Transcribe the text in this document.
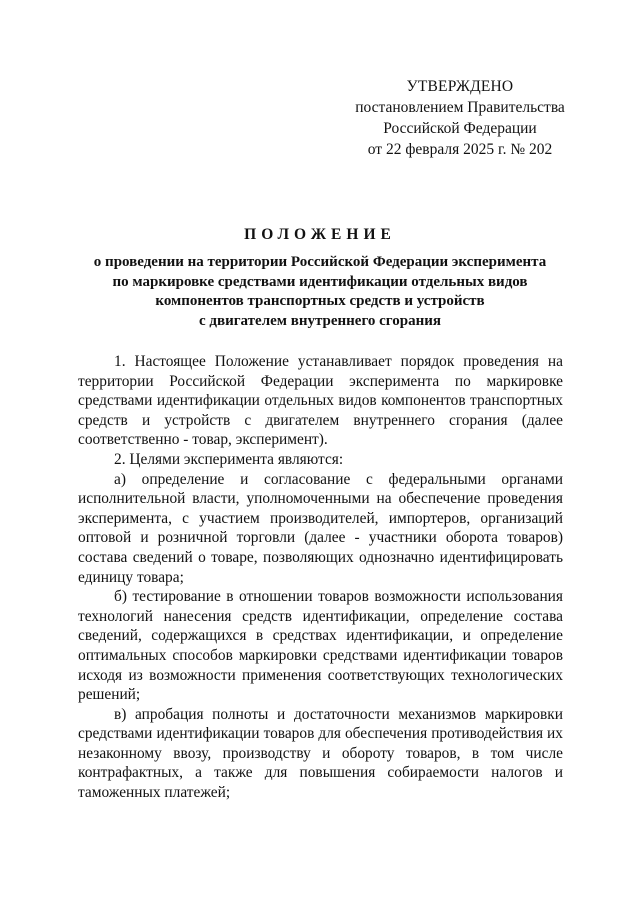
УТВЕРЖДЕНО
постановлением Правительства
Российской Федерации
от 22 февраля 2025 г. № 202
ПОЛОЖЕНИЕ
о проведении на территории Российской Федерации эксперимента
по маркировке средствами идентификации отдельных видов
компонентов транспортных средств и устройств
с двигателем внутреннего сгорания

1. Настоящее Положение устанавливает порядок проведения на территории Российской Федерации эксперимента по маркировке средствами идентификации отдельных видов компонентов транспортных средств и устройств с двигателем внутреннего сгорания (далее соответственно - товар, эксперимент).

2. Целями эксперимента являются:

а) определение и согласование с федеральными органами исполнительной власти, уполномоченными на обеспечение проведения эксперимента, с участием производителей, импортеров, организаций оптовой и розничной торговли (далее - участники оборота товаров) состава сведений о товаре, позволяющих однозначно идентифицировать единицу товара;

б) тестирование в отношении товаров возможности использования технологий нанесения средств идентификации, определение состава сведений, содержащихся в средствах идентификации, и определение оптимальных способов маркировки средствами идентификации товаров исходя из возможности применения соответствующих технологических решений;

в) апробация полноты и достаточности механизмов маркировки средствами идентификации товаров для обеспечения противодействия их незаконному ввозу, производству и обороту товаров, в том числе контрафактных, а также для повышения собираемости налогов и таможенных платежей;
